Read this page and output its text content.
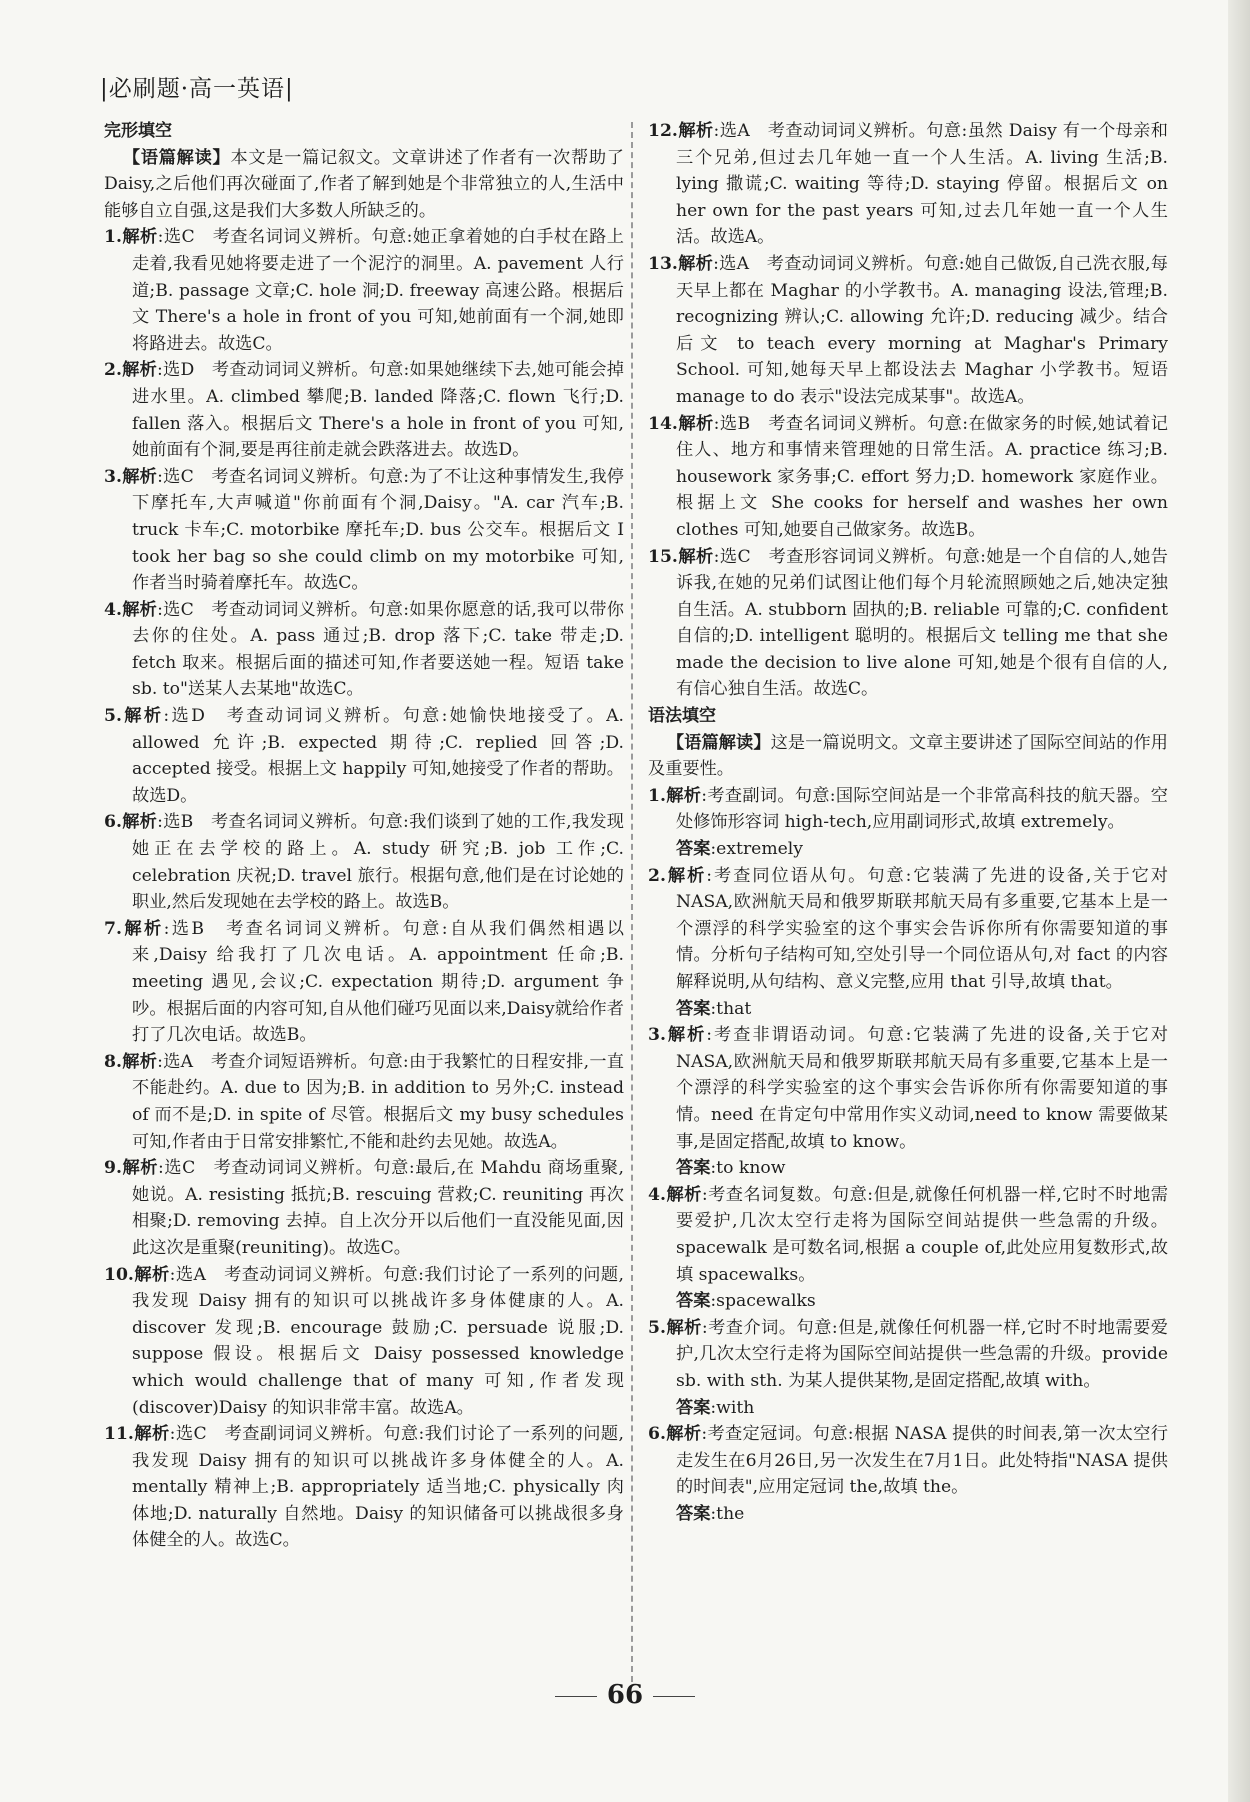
|必刷题·高一英语|

完形填空

【语篇解读】本文是一篇记叙文。文章讲述了作者有一次帮助了Daisy,之后他们再次碰面了,作者了解到她是个非常独立的人,生活中能够自立自强,这是我们大多数人所缺乏的。

1.解析:选C　考查名词词义辨析。句意:她正拿着她的白手杖在路上走着,我看见她将要走进了一个泥泞的洞里。A. pavement 人行道;B. passage 文章;C. hole 洞;D. freeway 高速公路。根据后文 There's a hole in front of you 可知,她前面有一个洞,她即将路进去。故选C。

2.解析:选D　考查动词词义辨析。句意:如果她继续下去,她可能会掉进水里。A. climbed 攀爬;B. landed 降落;C. flown 飞行;D. fallen 落入。根据后文 There's a hole in front of you 可知,她前面有个洞,要是再往前走就会跌落进去。故选D。

3.解析:选C　考查名词词义辨析。句意:为了不让这种事情发生,我停下摩托车,大声喊道"你前面有个洞,Daisy。"A. car 汽车;B. truck 卡车;C. motorbike 摩托车;D. bus 公交车。根据后文 I took her bag so she could climb on my motorbike 可知,作者当时骑着摩托车。故选C。

4.解析:选C　考查动词词义辨析。句意:如果你愿意的话,我可以带你去你的住处。A. pass 通过;B. drop 落下;C. take 带走;D. fetch 取来。根据后面的描述可知,作者要送她一程。短语 take sb. to"送某人去某地"故选C。

5.解析:选D　考查动词词义辨析。句意:她愉快地接受了。A. allowed 允许;B. expected 期待;C. replied 回答;D. accepted 接受。根据上文 happily 可知,她接受了作者的帮助。故选D。

6.解析:选B　考查名词词义辨析。句意:我们谈到了她的工作,我发现她正在去学校的路上。A. study 研究;B. job 工作;C. celebration 庆祝;D. travel 旅行。根据句意,他们是在讨论她的职业,然后发现她在去学校的路上。故选B。

7.解析:选B　考查名词词义辨析。句意:自从我们偶然相遇以来,Daisy 给我打了几次电话。A. appointment 任命;B. meeting 遇见,会议;C. expectation 期待;D. argument 争吵。根据后面的内容可知,自从他们碰巧见面以来,Daisy就给作者打了几次电话。故选B。

8.解析:选A　考查介词短语辨析。句意:由于我繁忙的日程安排,一直不能赴约。A. due to 因为;B. in addition to 另外;C. instead of 而不是;D. in spite of 尽管。根据后文 my busy schedules 可知,作者由于日常安排繁忙,不能和赴约去见她。故选A。

9.解析:选C　考查动词词义辨析。句意:最后,在 Mahdu 商场重聚,她说。A. resisting 抵抗;B. rescuing 营救;C. reuniting 再次相聚;D. removing 去掉。自上次分开以后他们一直没能见面,因此这次是重聚(reuniting)。故选C。

10.解析:选A　考查动词词义辨析。句意:我们讨论了一系列的问题,我发现 Daisy 拥有的知识可以挑战许多身体健康的人。A. discover 发现;B. encourage 鼓励;C. persuade 说服;D. suppose 假设。根据后文 Daisy possessed knowledge which would challenge that of many 可知,作者发现(discover)Daisy 的知识非常丰富。故选A。

11.解析:选C　考查副词词义辨析。句意:我们讨论了一系列的问题,我发现 Daisy 拥有的知识可以挑战许多身体健全的人。A. mentally 精神上;B. appropriately 适当地;C. physically 肉体地;D. naturally 自然地。Daisy 的知识储备可以挑战很多身体健全的人。故选C。

12.解析:选A　考查动词词义辨析。句意:虽然 Daisy 有一个母亲和三个兄弟,但过去几年她一直一个人生活。A. living 生活;B. lying 撒谎;C. waiting 等待;D. staying 停留。根据后文 on her own for the past years 可知,过去几年她一直一个人生活。故选A。

13.解析:选A　考查动词词义辨析。句意:她自己做饭,自己洗衣服,每天早上都在 Maghar 的小学教书。A. managing 设法,管理;B. recognizing 辨认;C. allowing 允许;D. reducing 减少。结合后文 to teach every morning at Maghar's Primary School. 可知,她每天早上都设法去 Maghar 小学教书。短语 manage to do 表示"设法完成某事"。故选A。

14.解析:选B　考查名词词义辨析。句意:在做家务的时候,她试着记住人、地方和事情来管理她的日常生活。A. practice 练习;B. housework 家务事;C. effort 努力;D. homework 家庭作业。根据上文 She cooks for herself and washes her own clothes 可知,她要自己做家务。故选B。

15.解析:选C　考查形容词词义辨析。句意:她是一个自信的人,她告诉我,在她的兄弟们试图让他们每个月轮流照顾她之后,她决定独自生活。A. stubborn 固执的;B. reliable 可靠的;C. confident 自信的;D. intelligent 聪明的。根据后文 telling me that she made the decision to live alone 可知,她是个很有自信的人,有信心独自生活。故选C。

语法填空

【语篇解读】这是一篇说明文。文章主要讲述了国际空间站的作用及重要性。

1.解析:考查副词。句意:国际空间站是一个非常高科技的航天器。空处修饰形容词 high-tech,应用副词形式,故填 extremely。

答案:extremely

2.解析:考查同位语从句。句意:它装满了先进的设备,关于它对NASA,欧洲航天局和俄罗斯联邦航天局有多重要,它基本上是一个漂浮的科学实验室的这个事实会告诉你所有你需要知道的事情。分析句子结构可知,空处引导一个同位语从句,对 fact 的内容解释说明,从句结构、意义完整,应用 that 引导,故填 that。

答案:that

3.解析:考查非谓语动词。句意:它装满了先进的设备,关于它对NASA,欧洲航天局和俄罗斯联邦航天局有多重要,它基本上是一个漂浮的科学实验室的这个事实会告诉你所有你需要知道的事情。need 在肯定句中常用作实义动词,need to know 需要做某事,是固定搭配,故填 to know。

答案:to know

4.解析:考查名词复数。句意:但是,就像任何机器一样,它时不时地需要爱护,几次太空行走将为国际空间站提供一些急需的升级。spacewalk 是可数名词,根据 a couple of,此处应用复数形式,故填 spacewalks。

答案:spacewalks

5.解析:考查介词。句意:但是,就像任何机器一样,它时不时地需要爱护,几次太空行走将为国际空间站提供一些急需的升级。provide sb. with sth. 为某人提供某物,是固定搭配,故填 with。

答案:with

6.解析:考查定冠词。句意:根据 NASA 提供的时间表,第一次太空行走发生在6月26日,另一次发生在7月1日。此处特指"NASA 提供的时间表",应用定冠词 the,故填 the。

答案:the

66
